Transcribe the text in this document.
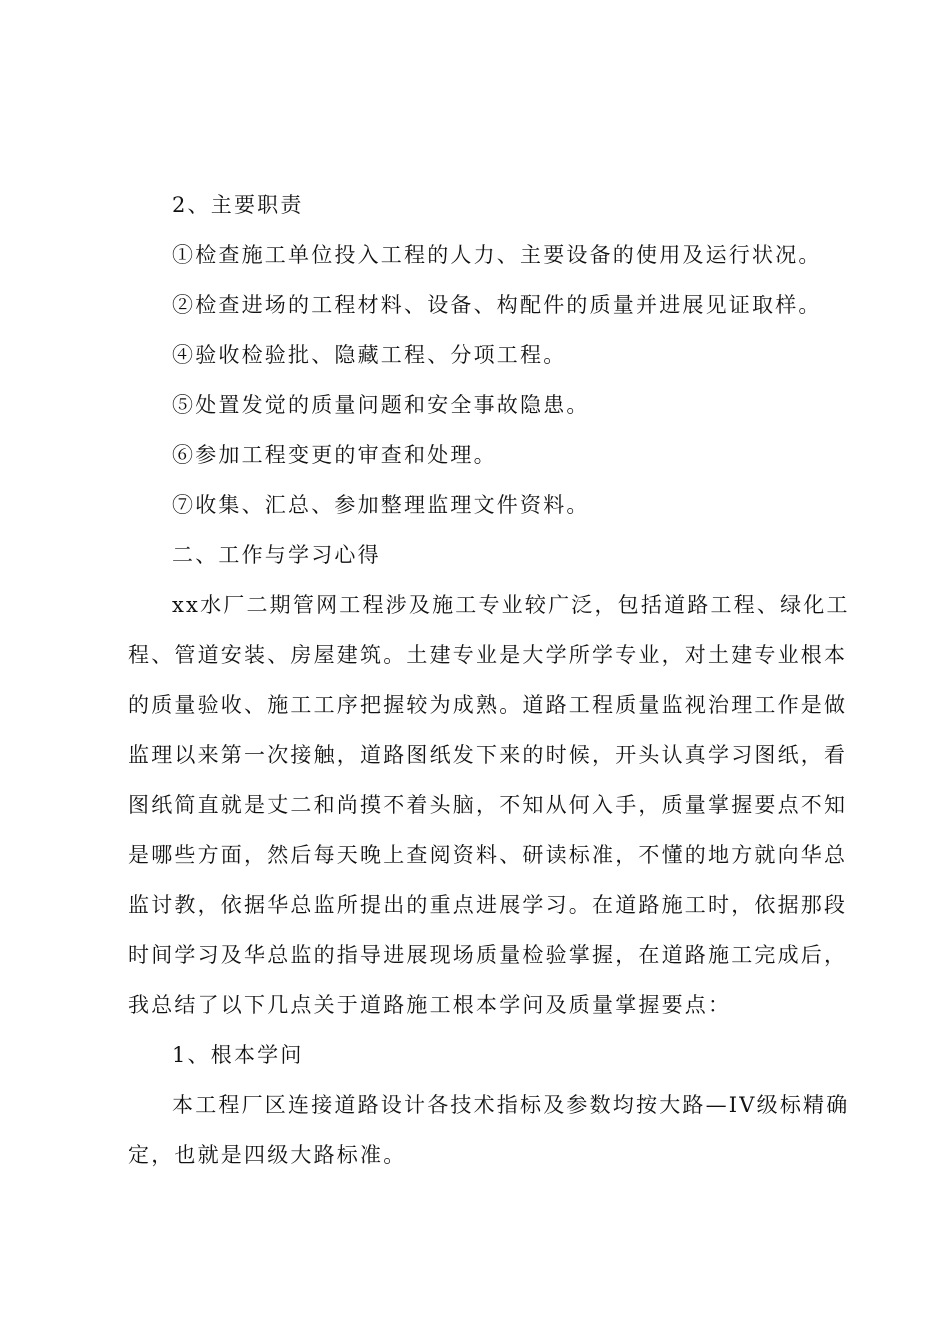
2、主要职责
①检查施工单位投入工程的人力、主要设备的使用及运行状况。
②检查进场的工程材料、设备、构配件的质量并进展见证取样。
④验收检验批、隐藏工程、分项工程。
⑤处置发觉的质量问题和安全事故隐患。
⑥参加工程变更的审查和处理。
⑦收集、汇总、参加整理监理文件资料。
二、工作与学习心得
xx水厂二期管网工程涉及施工专业较广泛，包括道路工程、绿化工
程、管道安装、房屋建筑。土建专业是大学所学专业，对土建专业根本
的质量验收、施工工序把握较为成熟。道路工程质量监视治理工作是做
监理以来第一次接触，道路图纸发下来的时候，开头认真学习图纸，看
图纸简直就是丈二和尚摸不着头脑，不知从何入手，质量掌握要点不知
是哪些方面，然后每天晚上查阅资料、研读标准，不懂的地方就向华总
监讨教，依据华总监所提出的重点进展学习。在道路施工时，依据那段
时间学习及华总监的指导进展现场质量检验掌握，在道路施工完成后，
我总结了以下几点关于道路施工根本学问及质量掌握要点：
1、根本学问
本工程厂区连接道路设计各技术指标及参数均按大路—IV级标精确
定，也就是四级大路标准。
